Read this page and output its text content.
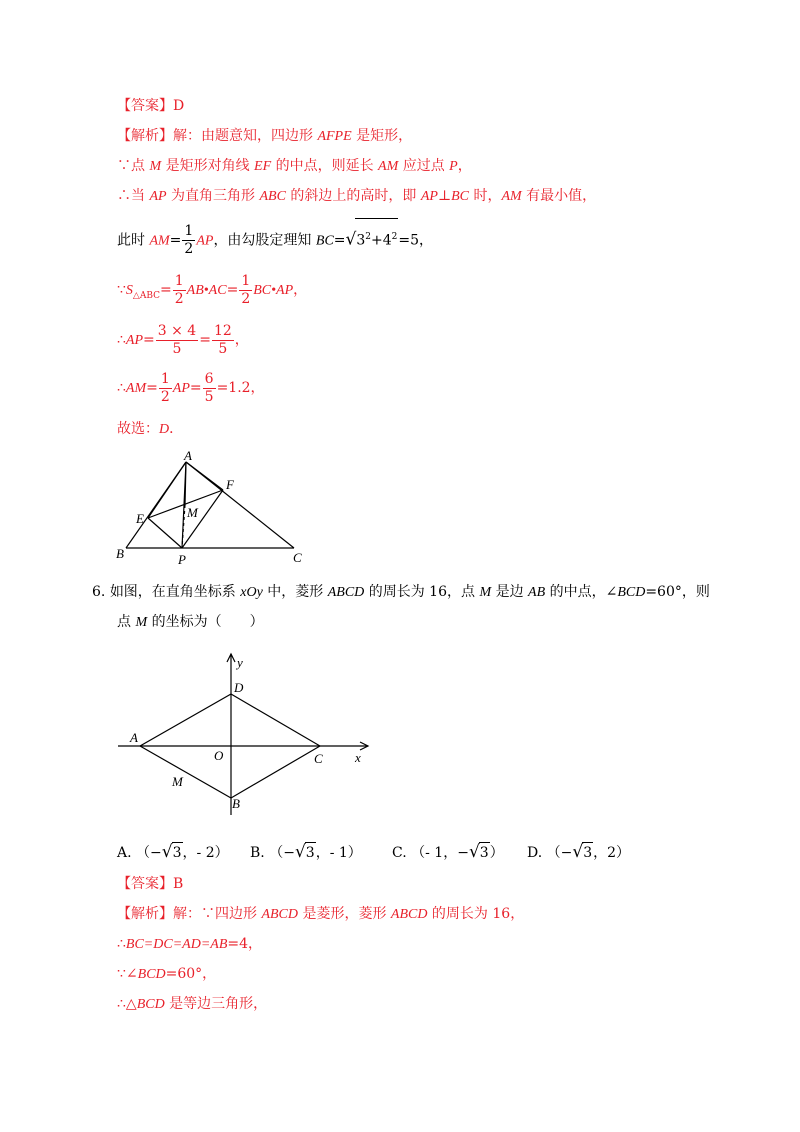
【答案】D
【解析】解：由题意知，四边形 AFPE 是矩形，
∵点 M 是矩形对角线 EF 的中点，则延长 AM 应过点 P，
∴当 AP 为直角三角形 ABC 的斜边上的高时，即 AP⊥BC 时，AM 有最小值，
此时 $AM= \frac{1}{2}$ AP，由勾股定理知 $BC=√3^2+4^2=5$，
$\because S_{\triangle ABC}= \frac{1}{2}$ AB•AC= $\frac{1}{2}$ BC•AP，
∴AP= $\frac{3 \times 4}{5} = \frac{12}{5}$ ，
∴AM= $\frac{1}{2} AP= \frac{6}{5} =1.2$，
故选：D．
A
F
E	M
B	P	C
6. 如图，在直角坐标系 xOy 中，菱形 ABCD 的周长为 16，点 M 是边 AB 的中点，∠BCD=60°，则
点 M 的坐标为（　　）
y
D
A
O	C x
M
B
A. （−√3，- 2） B. （−√3，- 1） C. （- 1，−√3） D. （−√3，2）
【答案】B
【解析】解：∵四边形 ABCD 是菱形，菱形 ABCD 的周长为 16，
∴BC=DC=AD=AB=4，
∵∠BCD=60°，
∴△BCD 是等边三角形，
